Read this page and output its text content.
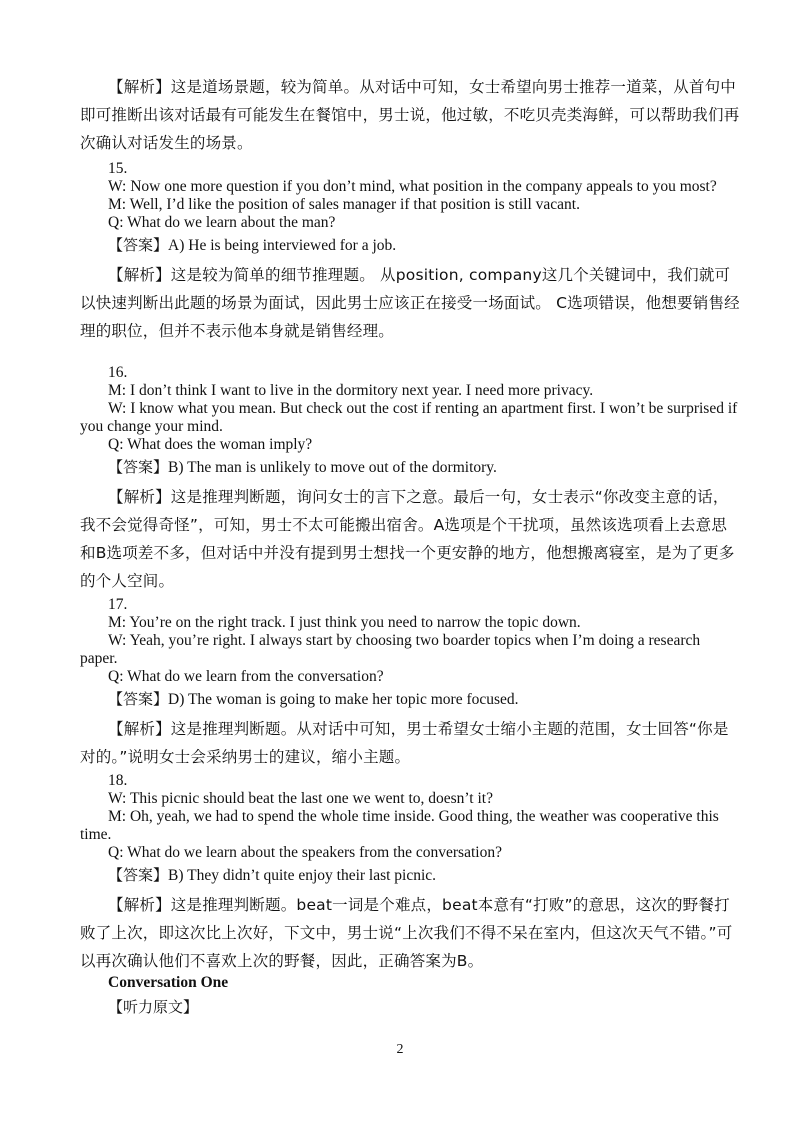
【解析】这是道场景题，较为简单。从对话中可知，女士希望向男士推荐一道菜，从首句中即可推断出该对话最有可能发生在餐馆中，男士说，他过敏，不吃贝壳类海鲜，可以帮助我们再次确认对话发生的场景。

15.

W: Now one more question if you don’t mind, what position in the company appeals to you most?

M: Well, I’d like the position of sales manager if that position is still vacant.

Q: What do we learn about the man?

【答案】A) He is being interviewed for a job.

【解析】这是较为简单的细节推理题。 从position, company这几个关键词中，我们就可以快速判断出此题的场景为面试，因此男士应该正在接受一场面试。 C选项错误，他想要销售经理的职位，但并不表示他本身就是销售经理。

16.

M: I don’t think I want to live in the dormitory next year. I need more privacy.

W: I know what you mean. But check out the cost if renting an apartment first. I won’t be surprised if you change your mind.

Q: What does the woman imply?

【答案】B) The man is unlikely to move out of the dormitory.

【解析】这是推理判断题，询问女士的言下之意。最后一句，女士表示“你改变主意的话，我不会觉得奇怪”，可知，男士不太可能搬出宿舍。A选项是个干扰项，虽然该选项看上去意思和B选项差不多，但对话中并没有提到男士想找一个更安静的地方，他想搬离寝室，是为了更多的个人空间。

17.

M: You’re on the right track. I just think you need to narrow the topic down.

W: Yeah, you’re right. I always start by choosing two boarder topics when I’m doing a research paper.

Q: What do we learn from the conversation?

【答案】D) The woman is going to make her topic more focused.

【解析】这是推理判断题。从对话中可知，男士希望女士缩小主题的范围，女士回答“你是对的。”说明女士会采纳男士的建议，缩小主题。

18.

W: This picnic should beat the last one we went to, doesn’t it?

M: Oh, yeah, we had to spend the whole time inside. Good thing, the weather was cooperative this time.

Q: What do we learn about the speakers from the conversation?

【答案】B) They didn’t quite enjoy their last picnic.

【解析】这是推理判断题。beat一词是个难点，beat本意有“打败”的意思，这次的野餐打败了上次，即这次比上次好，下文中，男士说“上次我们不得不呆在室内，但这次天气不错。”可以再次确认他们不喜欢上次的野餐，因此，正确答案为B。

Conversation One

【听力原文】

2
